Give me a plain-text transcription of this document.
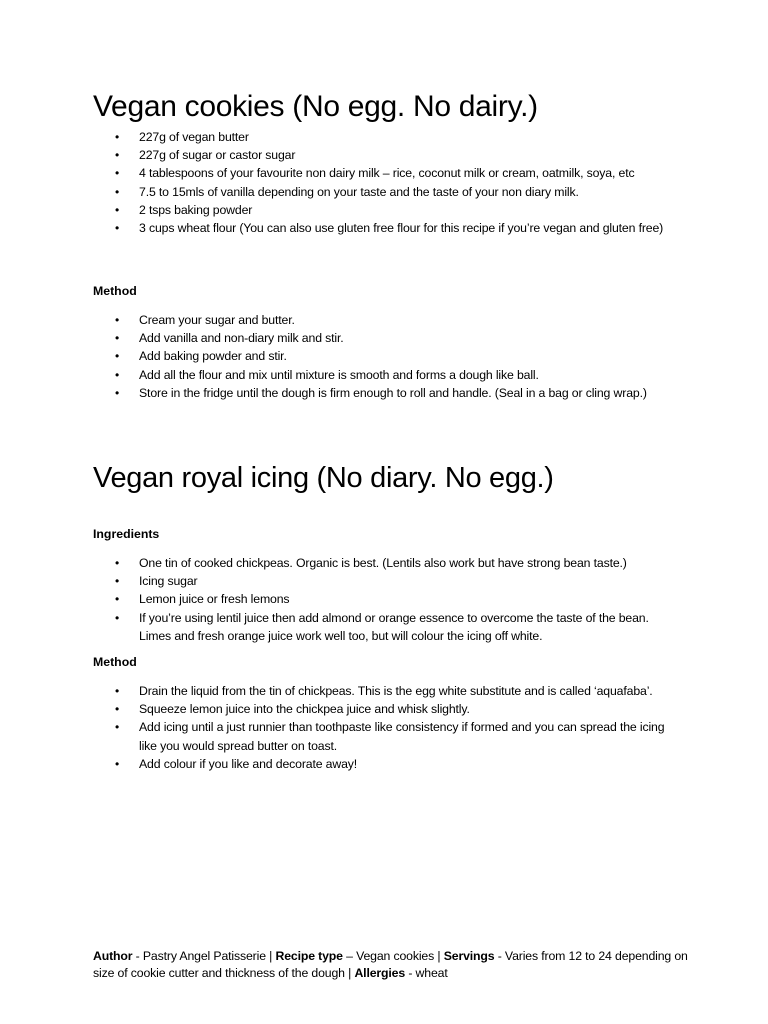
Vegan cookies (No egg. No dairy.)
• 227g of vegan butter
• 227g of sugar or castor sugar
• 4 tablespoons of your favourite non dairy milk – rice, coconut milk or cream, oatmilk, soya, etc
• 7.5 to 15mls of vanilla depending on your taste and the taste of your non diary milk.
• 2 tsps baking powder
• 3 cups wheat flour (You can also use gluten free flour for this recipe if you’re vegan and gluten free)
Method
• Cream your sugar and butter.
• Add vanilla and non-diary milk and stir.
• Add baking powder and stir.
• Add all the flour and mix until mixture is smooth and forms a dough like ball.
• Store in the fridge until the dough is firm enough to roll and handle. (Seal in a bag or cling wrap.)
Vegan royal icing (No diary. No egg.)
Ingredients
• One tin of cooked chickpeas. Organic is best. (Lentils also work but have strong bean taste.)
• Icing sugar
• Lemon juice or fresh lemons
• If you’re using lentil juice then add almond or orange essence to overcome the taste of the bean. Limes and fresh orange juice work well too, but will colour the icing off white.
Method
• Drain the liquid from the tin of chickpeas. This is the egg white substitute and is called ‘aquafaba’.
• Squeeze lemon juice into the chickpea juice and whisk slightly.
• Add icing until a just runnier than toothpaste like consistency if formed and you can spread the icing like you would spread butter on toast.
• Add colour if you like and decorate away!
Author - Pastry Angel Patisserie | Recipe type – Vegan cookies | Servings - Varies from 12 to 24 depending on size of cookie cutter and thickness of the dough | Allergies - wheat
